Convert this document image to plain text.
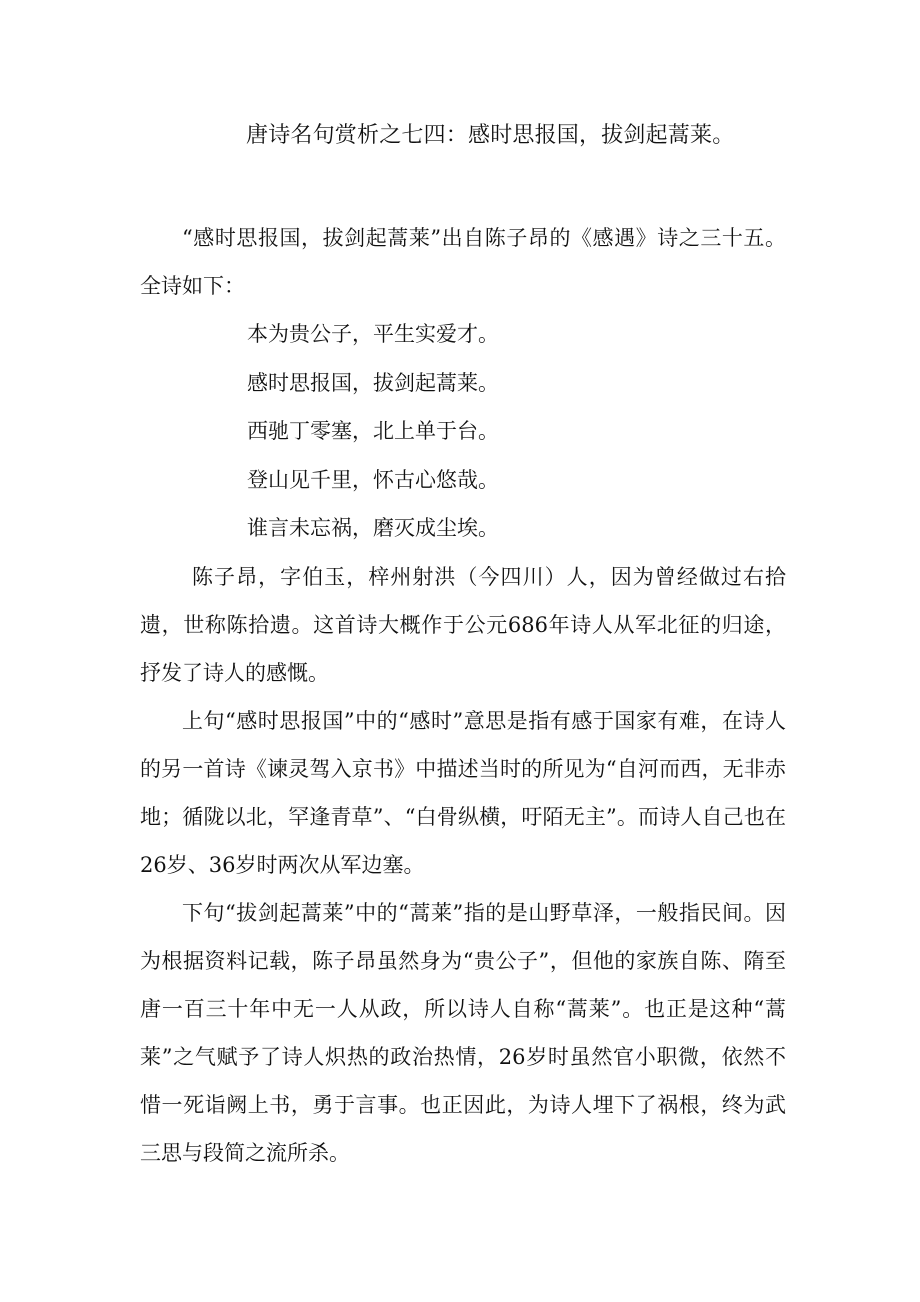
唐诗名句赏析之七四：感时思报国，拔剑起蒿莱。

“感时思报国，拔剑起蒿莱”出自陈子昂的《感遇》诗之三十五。全诗如下：

本为贵公子，平生实爱才。
感时思报国，拔剑起蒿莱。
西驰丁零塞，北上单于台。
登山见千里，怀古心悠哉。
谁言未忘祸，磨灭成尘埃。

陈子昂，字伯玉，梓州射洪（今四川）人，因为曾经做过右拾遗，世称陈拾遗。这首诗大概作于公元686年诗人从军北征的归途，抒发了诗人的感慨。

上句“感时思报国”中的“感时”意思是指有感于国家有难，在诗人的另一首诗《谏灵驾入京书》中描述当时的所见为“自河而西，无非赤地；循陇以北，罕逢青草”、“白骨纵横，吁陌无主”。而诗人自己也在26岁、36岁时两次从军边塞。

下句“拔剑起蒿莱”中的“蒿莱”指的是山野草泽，一般指民间。因为根据资料记载，陈子昂虽然身为“贵公子”，但他的家族自陈、隋至唐一百三十年中无一人从政，所以诗人自称“蒿莱”。也正是这种“蒿莱”之气赋予了诗人炽热的政治热情，26岁时虽然官小职微，依然不惜一死诣阙上书，勇于言事。也正因此，为诗人埋下了祸根，终为武三思与段简之流所杀。
